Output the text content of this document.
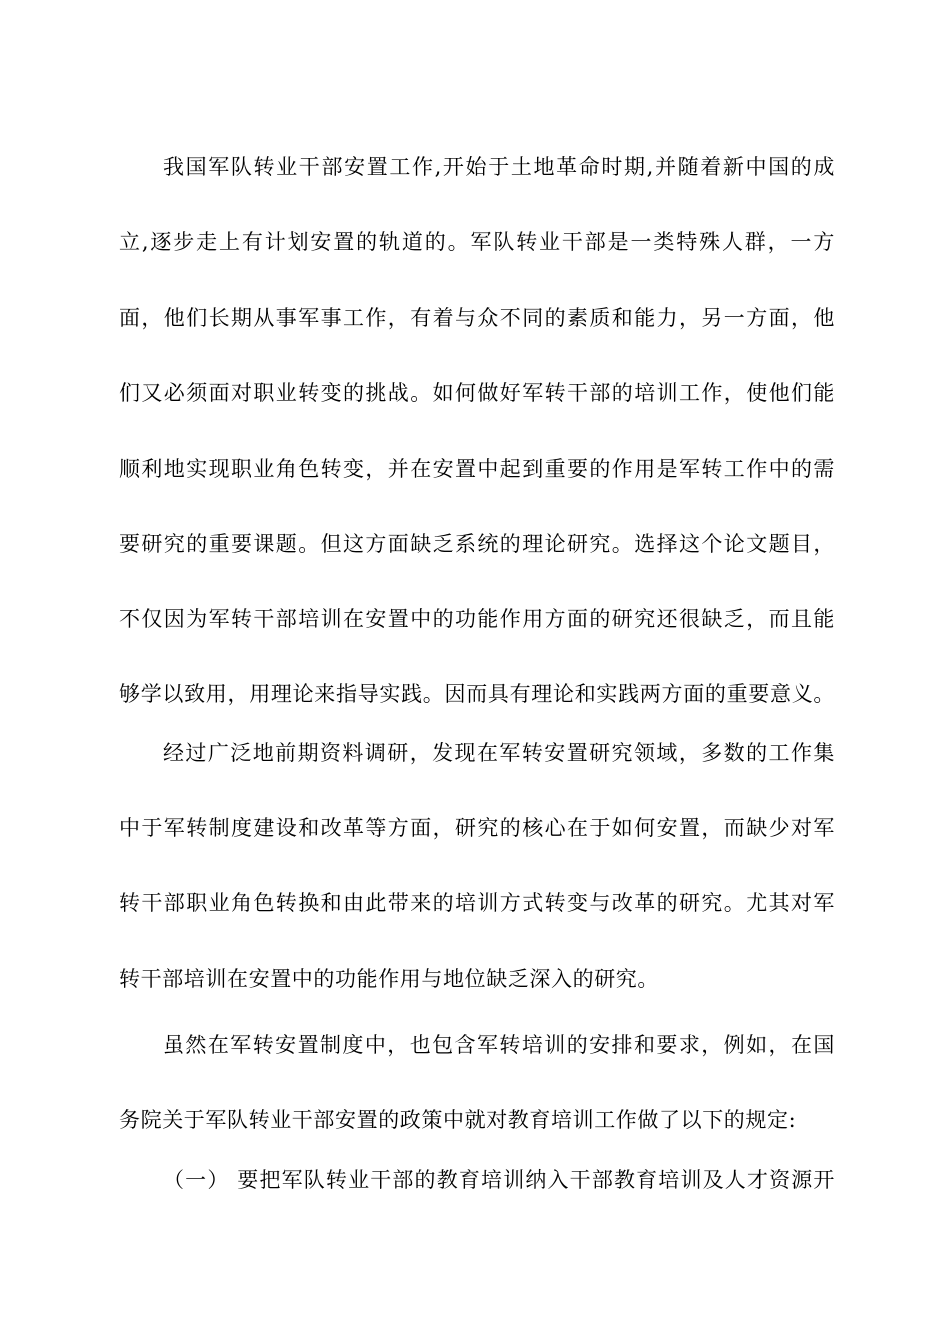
我国军队转业干部安置工作,开始于土地革命时期,并随着新中国的成
立,逐步走上有计划安置的轨道的。军队转业干部是一类特殊人群，一方
面，他们长期从事军事工作，有着与众不同的素质和能力，另一方面，他
们又必须面对职业转变的挑战。如何做好军转干部的培训工作，使他们能
顺利地实现职业角色转变，并在安置中起到重要的作用是军转工作中的需
要研究的重要课题。但这方面缺乏系统的理论研究。选择这个论文题目，
不仅因为军转干部培训在安置中的功能作用方面的研究还很缺乏，而且能
够学以致用，用理论来指导实践。因而具有理论和实践两方面的重要意义。
经过广泛地前期资料调研，发现在军转安置研究领域，多数的工作集
中于军转制度建设和改革等方面，研究的核心在于如何安置，而缺少对军
转干部职业角色转换和由此带来的培训方式转变与改革的研究。尤其对军
转干部培训在安置中的功能作用与地位缺乏深入的研究。
虽然在军转安置制度中，也包含军转培训的安排和要求，例如，在国
务院关于军队转业干部安置的政策中就对教育培训工作做了以下的规定:
（一） 要把军队转业干部的教育培训纳入干部教育培训及人才资源开
